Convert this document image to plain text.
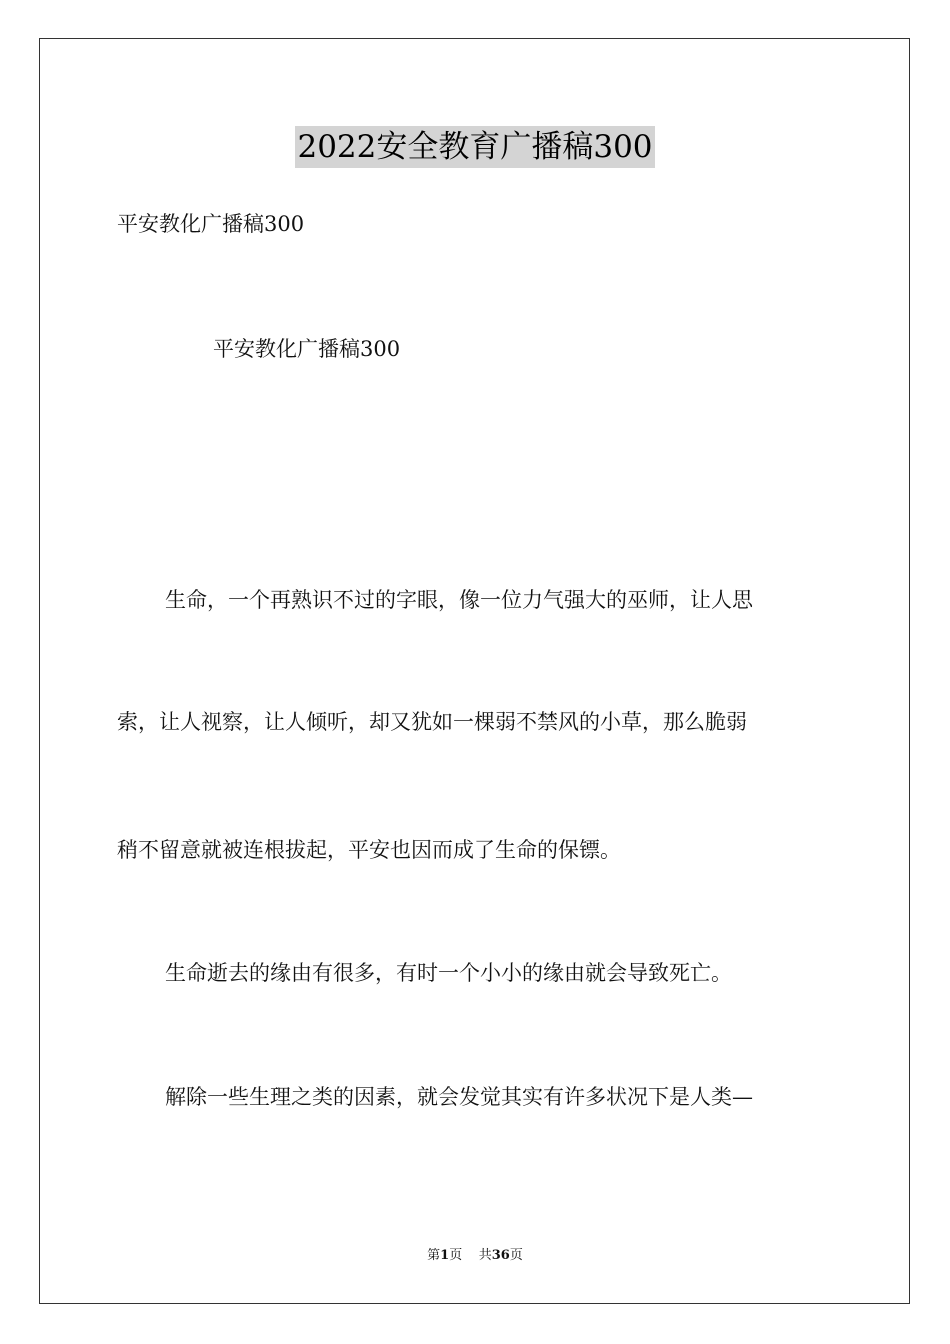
2022安全教育广播稿300
平安教化广播稿300
平安教化广播稿300
生命，一个再熟识不过的字眼，像一位力气强大的巫师，让人思
索，让人视察，让人倾听，却又犹如一棵弱不禁风的小草，那么脆弱
稍不留意就被连根拔起，平安也因而成了生命的保镖。
生命逝去的缘由有很多，有时一个小小的缘由就会导致死亡。
解除一些生理之类的因素，就会发觉其实有许多状况下是人类—
第1页 共36页
